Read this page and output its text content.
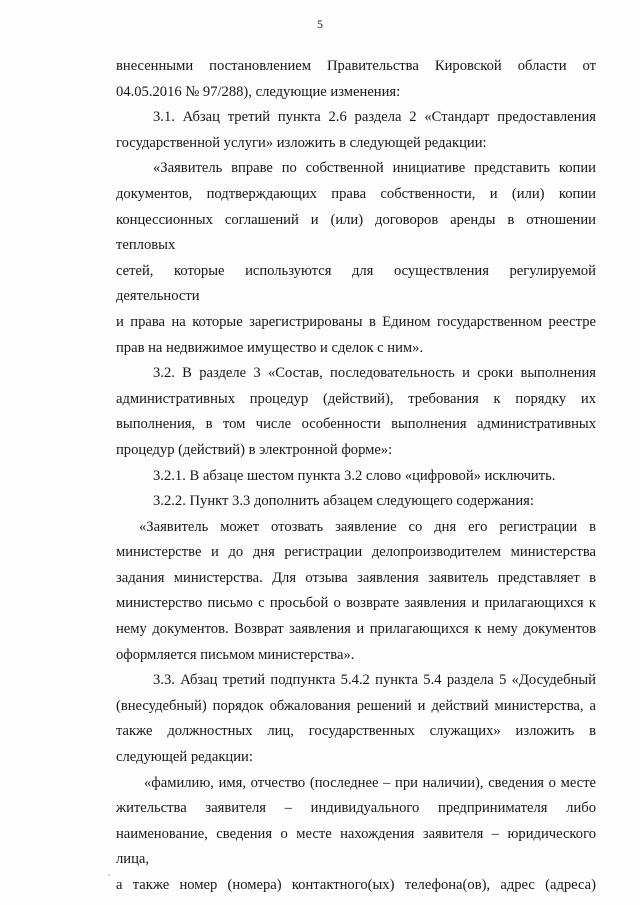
5

внесенными постановлением Правительства Кировской области от

04.05.2016 № 97/288), следующие изменения:

3.1. Абзац третий пункта 2.6 раздела 2 «Стандарт предоставления

государственной услуги» изложить в следующей редакции:

«Заявитель вправе по собственной инициативе представить копии

документов, подтверждающих права собственности, и (или) копии

концессионных соглашений и (или) договоров аренды в отношении тепловых

сетей, которые используются для осуществления регулируемой деятельности

и права на которые зарегистрированы в Едином государственном реестре

прав на недвижимое имущество и сделок с ним».

3.2. В разделе 3 «Состав, последовательность и сроки выполнения

административных процедур (действий), требования к порядку их

выполнения, в том числе особенности выполнения административных

процедур (действий) в электронной форме»:

3.2.1. В абзаце шестом пункта 3.2 слово «цифровой» исключить.

3.2.2. Пункт 3.3 дополнить абзацем следующего содержания:

«Заявитель может отозвать заявление со дня его регистрации в

министерстве и до дня регистрации делопроизводителем министерства

задания министерства. Для отзыва заявления заявитель представляет в

министерство письмо с просьбой о возврате заявления и прилагающихся к

нему документов. Возврат заявления и прилагающихся к нему документов

оформляется письмом министерства».

3.3. Абзац третий подпункта 5.4.2 пункта 5.4 раздела 5 «Досудебный

(внесудебный) порядок обжалования решений и действий министерства, а

также должностных лиц, государственных служащих» изложить в

следующей редакции:

«фамилию, имя, отчество (последнее – при наличии), сведения о месте

жительства заявителя – индивидуального предпринимателя либо

наименование, сведения о месте нахождения заявителя – юридического лица,

а также номер (номера) контактного(ых) телефона(ов), адрес (адреса)
